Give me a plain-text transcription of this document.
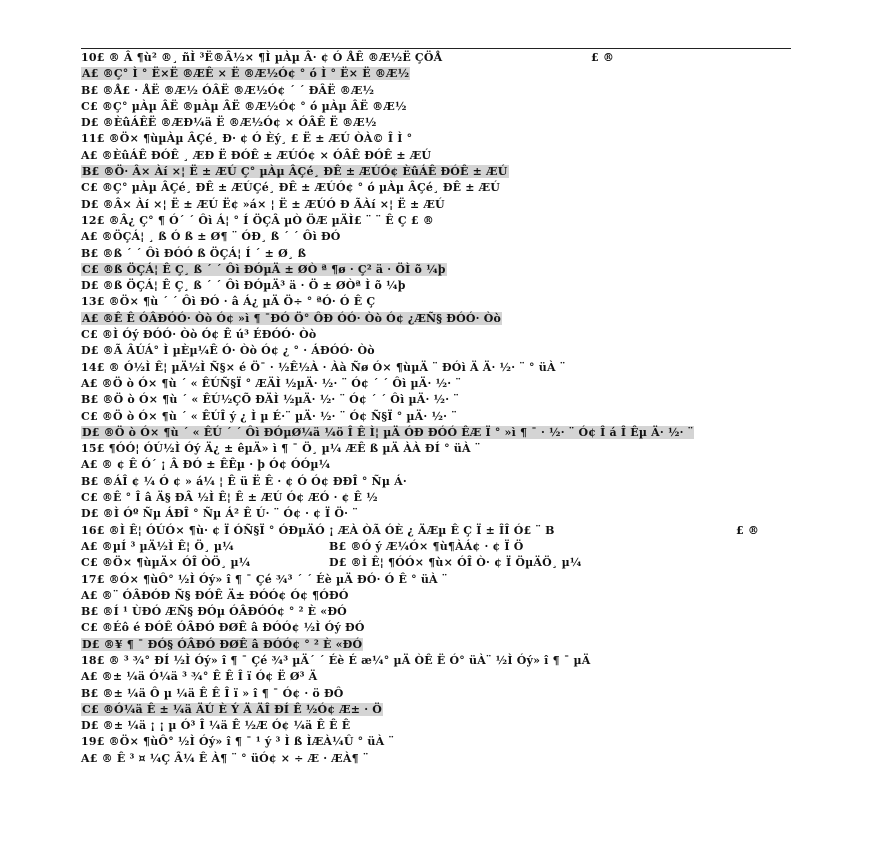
10£ ® Â ¶ù² ®¸ ñÌ ³Ë®Â½× ¶Ì µÀµ Â· ¢ Ó ÅÊ ®Æ½Ë ÇÖÅ	£ ®
A£ ®Ç° Ì ° Ë×Ë ®ÆÊ × Ë ®Æ½Ó¢ ° ó Ì ° Ë× Ë ®Æ½
B£ ®Å£ · ÅË ®Æ½ ÓÂË ®Æ½Ó¢ ´ ´ ÐÂË ®Æ½
C£ ®Ç° µÀµ ÂË ®µÀµ ÂË ®Æ½Ó¢ ° ó µÀµ ÂË ®Æ½
D£ ®ÈûÁÊË ®ÆÐ¼ä Ë ®Æ½Ó¢ × ÓÂÊ Ë ®Æ½
11£ ®Ö× ¶ùµÀµ ÂÇé¸ Ð· ¢ Ó Èý¸ £ Ë ± ÆÚ ÒÀ© Î Ì °
A£ ®ÈûÁÊ ÐÓÊ ¸ ÆÐ Ë ÐÓÊ ± ÆÚÓ¢ × ÓÂÊ ÐÓÊ ± ÆÚ
B£ ®Ö· Â× Àí ×¦ Ë ± ÆÚ Ç° µÀµ ÂÇé¸ ÐÊ ± ÆÚÓ¢ ÈûÁÊ ÐÓÊ ± ÆÚ
C£ ®Ç° µÀµ ÂÇé¸ ÐÊ ± ÆÚÇé¸ ÐÊ ± ÆÚÓ¢ ° ó µÀµ ÂÇé¸ ÐÊ ± ÆÚ
D£ ®Â× Àí ×¦ Ë ± ÆÚ Ë¢ »á× ¦ Ë ± ÆÚÓ Ð ÃÀí ×¦ Ë ± ÆÚ
12£ ®Â¿ Ç° ¶ Ó´ ´ Ôì Á¦ ° Í ÖÇÂ µÒ ÖÆ µÄÌ£ ¨ ¨ Ê Ç £ ®
A£ ®ÖÇÁ¦ ¸ ß Ó ß ± Ø¶ ¨ ÓÐ¸ ß ´ ´ Ôì ÐÓ
B£ ®ß ´ ´ Ôì ÐÓÓ ß ÖÇÁ¦ Í ´ ± Ø¸ ß
C£ ®ß ÖÇÁ¦ Ê Ç¸ ß ´ ´ Ôì ÐÓµÄ ± ØÒ ª ¶ø · Ç² ä · ÖÌ õ ¼þ
D£ ®ß ÖÇÁ¦ Ê Ç¸ ß ´ ´ Ôì ÐÓµÄ³ ä · Ö ± ØÒª Ì õ ¼þ
13£ ®Ö× ¶ù ´ ´ Ôì ÐÓ · â Á¿ µÄ Ö÷ ° ªÓ· Ó Ê Ç
A£ ®Ê Ê ÓÂÐÓÓ· Òò Ó¢ »ì ¶ ¯ÐÓ Ö° ÔÐ ÓÓ· Òò Ó¢ ¿ÆÑ§ ÐÓÓ· Òò
C£ ®Ì Óý ÐÓÓ· Òò Ó¢ Ê ú³ ÉÐÓÓ· Òò
D£ ®Ã ÂÚÁ° Ì µÈµ¼Ê Ó· Òò Ó¢ ¿ ° · ÁÐÓÓ· Òò
14£ ® Ó½Ì Ê¦ µÄ½Ì Ñ§× é Ö¯ · ½Ê½À · Àà Ñø Ó× ¶ùµÄ ¨ ÐÓì Ä Ä· ½· ¨ ° üÀ ¨
A£ ®Ö ò Ó× ¶ù ´ « ÊÚÑ§Ï ° ÆÄÌ ½µÄ· ½· ¨ Ó¢ ´ ´ Ôì µÄ· ½· ¨
B£ ®Ö ò Ó× ¶ù ´ « ÊÚ½ÇÕ ÐÄÌ ½µÄ· ½· ¨ Ó¢ ´ ´ Ôì µÄ· ½· ¨
C£ ®Ö ò Ó× ¶ù ´ « ÊÚÎ ý ¿ Ì µ É·¨ µÄ· ½· ¨ Ó¢ Ñ§Ï ° µÄ· ½· ¨
D£ ®Ö ò Ó× ¶ù ´ « ÊÚ ´ ´ Ôì ÐÓµØ¼ä ¼ö Î Ê Ì¦ µÄ ÓÐ ÐÓÓ ÊÆ Ï ° »ì ¶ ¯ · ½· ¨ Ó¢ Î á Î Êµ Ä· ½· ¨
15£ ¶ÓÓ¦ ÓÚ½Ì Óý Ä¿ ± êµÄ» ì ¶ ¯ Ö¸ µ¼ ÆÊ ß µÄ ÀÀ ÐÍ ° üÀ ¨
A£ ® ¢ Ê Ó´ ¡ Â ÐÓ ± ÊÊµ · þ Ó¢ ÓÓµ¼
B£ ®ÁÎ ¢ ¼ Ó ¢ » á¼ ¦ Ê ü Ë Ê · ¢ Ó Ó¢ ÐÐÎ ° Ñµ Á·
C£ ®Ê ° Î â Ä§ ÐÂ ½Ì Ê¦ Ê ± ÆÚ Ó¢ ÆÓ · ¢ Ê ½
D£ ®Ì Óº Ñµ ÁÐÎ ° Ñµ Á² Ê Ú· ¨ Ó¢ · ¢ Ï Ö· ¨
16£ ®Ì Ê¦ ÓÚÓ× ¶ù· ¢ Ï ÓÑ§Ï ° ÓÐµÄÓ ¡ ÆÀ ÒÃ ÓÈ ¿ ÄÆµ Ê Ç Ï ± ÎÎ Ó£ ¨ B	£ ®
A£ ®µÍ ³ µÄ½Ì Ê¦ Ö¸ µ¼	B£ ®Ó ý Æ¼Ó× ¶ù¶ÀÁ¢ · ¢ Ï Ö
C£ ®Ö× ¶ùµÄ× ÓÎ ÒÖ¸ µ¼	D£ ®Ì Ê¦ ¶ÓÓ× ¶ù× ÓÎ Ò· ¢ Ï ÖµÄÖ¸ µ¼
17£ ®Ó× ¶ùÔ° ½Ì Óý» î ¶ ¯ Çé ¾³ ´ ´ Éè µÄ ÐÓ· Ó Ê ° üÀ ¨
A£ ®¨ ÓÂÐÓÐ Ñ§ ÐÓÊ Ä± ÐÓÓ¢ Ó¢ ¶ÓÐÓ
B£ ®Í ¹ ÙÐÓ ÆÑ§ ÐÓµ ÓÂÐÓÓ¢ ° ² È «ÐÓ
C£ ®Éô é ÐÓÊ ÓÂÐÓ ÐØÊ â ÐÓÓ¢ ½Ì Óý ÐÓ
D£ ®¥ ¶ ¯ ÐÓ§ ÓÂÐÓ ÐØÊ â ÐÓÓ¢ ° ² È «ÐÓ
18£ ® ³ ¾° ÐÍ ½Ì Óý» î ¶ ¯ Çé ¾³ µÄ´ ´ Éè É æ¼° µÄ ÒÊ Ë Ó° üÀ¨ ½Ì Óý» î ¶ ¯ µÄ
A£ ®± ¼ä Ó¼ä ³ ¾° Ê Ê Î ï Ó¢ Ë Ø³ Ä
B£ ®± ¼ä Ô µ ¼ä Ê Ê Î ï » î ¶ ¯ Ó¢ · ö ÐÔ
C£ ®Ó¼ä Ê ± ¼ä ÄÚ È Ý Ä ÄÎ ÐÍ Ê ½Ó¢ Æ± · Ö
D£ ®± ¼ä ¡ ¡ µ Ó³ Î ¼ä Ê ½Æ Ó¢ ¼ä Ê Ê Ê
19£ ®Ö× ¶ùÔ° ½Ì Óý» î ¶ ¯ ¹ ý ³ Ì ß ÌÆÀ¼Û ° üÀ ¨
A£ ® Ê ³ ¤ ¼Ç Â¼ Ê À¶ ¨ ° üÓ¢ × ÷ Æ · ÆÀ¶ ¨
